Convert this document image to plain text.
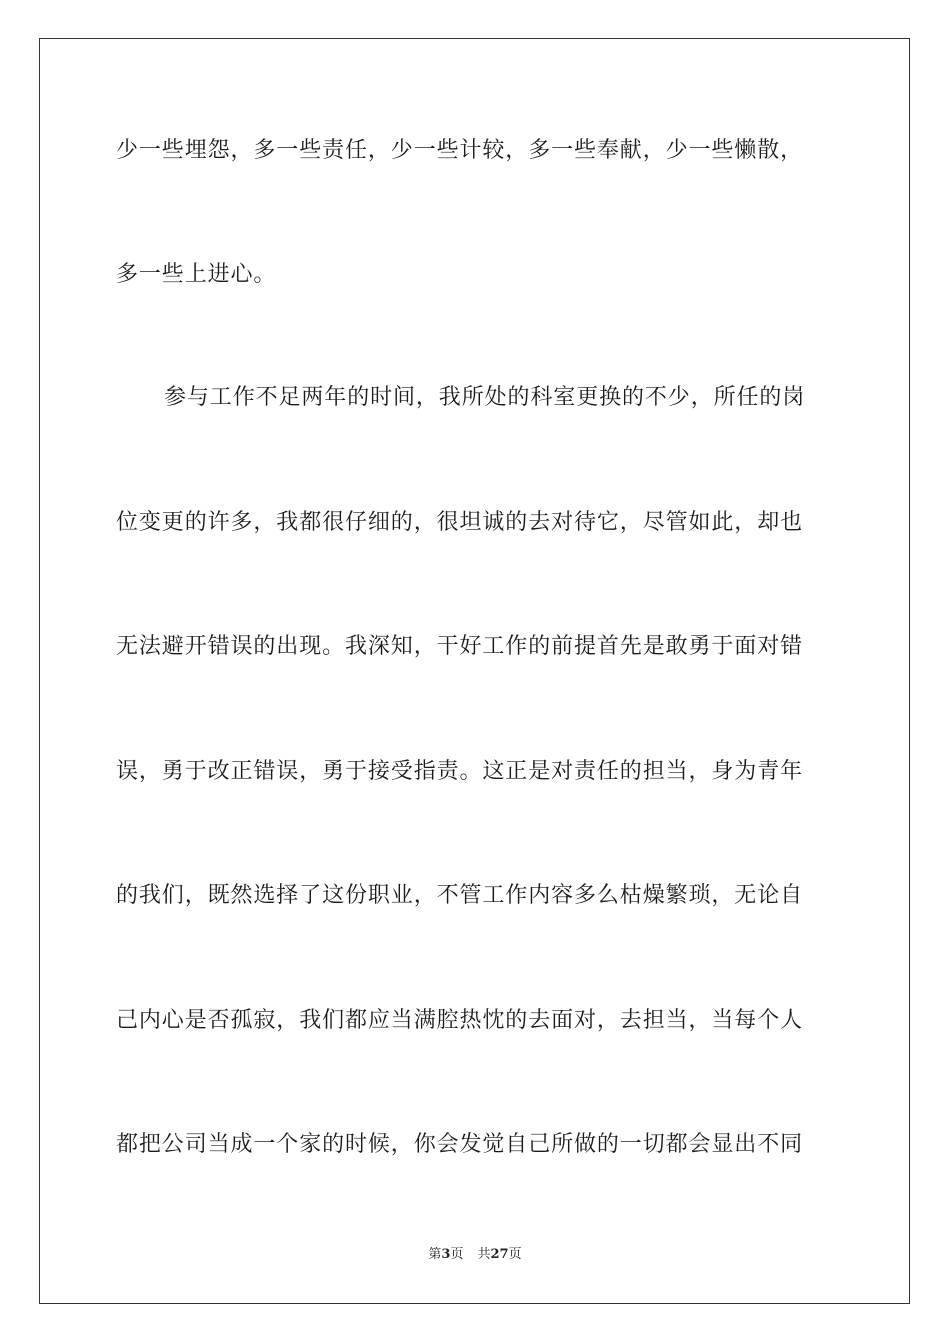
少一些埋怨，多一些责任，少一些计较，多一些奉献，少一些懒散，
多一些上进心。
参与工作不足两年的时间，我所处的科室更换的不少，所任的岗
位变更的许多，我都很仔细的，很坦诚的去对待它，尽管如此，却也
无法避开错误的出现。我深知，干好工作的前提首先是敢勇于面对错
误，勇于改正错误，勇于接受指责。这正是对责任的担当，身为青年
的我们，既然选择了这份职业，不管工作内容多么枯燥繁琐，无论自
己内心是否孤寂，我们都应当满腔热忱的去面对，去担当，当每个人
都把公司当成一个家的时候，你会发觉自己所做的一切都会显出不同
第3页 共27页
